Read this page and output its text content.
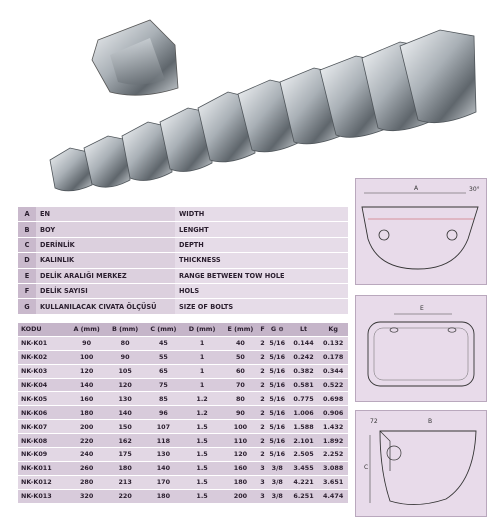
A	EN	WIDTH
B	BOY	LENGHT
C	DERİNLİK	DEPTH
D	KALINLIK	THICKNESS
E	DELİK ARALIĞI MERKEZ	RANGE BETWEEN TOW HOLE
F	DELİK SAYISI	HOLS
G	KULLANILACAK CIVATA ÖLÇÜSÜ	SIZE OF BOLTS
KODU	A (mm)	B (mm)	C (mm)	D (mm)	E (mm)	F	G ⊖	Lt	Kg
NK-K01	90	80	45	1	40	2	5/16	0.144	0.132
NK-K02	100	90	55	1	50	2	5/16	0.242	0.178
NK-K03	120	105	65	1	60	2	5/16	0.382	0.344
NK-K04	140	120	75	1	70	2	5/16	0.581	0.522
NK-K05	160	130	85	1.2	80	2	5/16	0.775	0.698
NK-K06	180	140	96	1.2	90	2	5/16	1.006	0.906
NK-K07	200	150	107	1.5	100	2	5/16	1.588	1.432
NK-K08	220	162	118	1.5	110	2	5/16	2.101	1.892
NK-K09	240	175	130	1.5	120	2	5/16	2.505	2.252
NK-K011	260	180	140	1.5	160	3	3/8	3.455	3.088
NK-K012	280	213	170	1.5	180	3	3/8	4.221	3.651
NK-K013	320	220	180	1.5	200	3	3/8	6.251	4.474
A	30°
E
72
C
B
